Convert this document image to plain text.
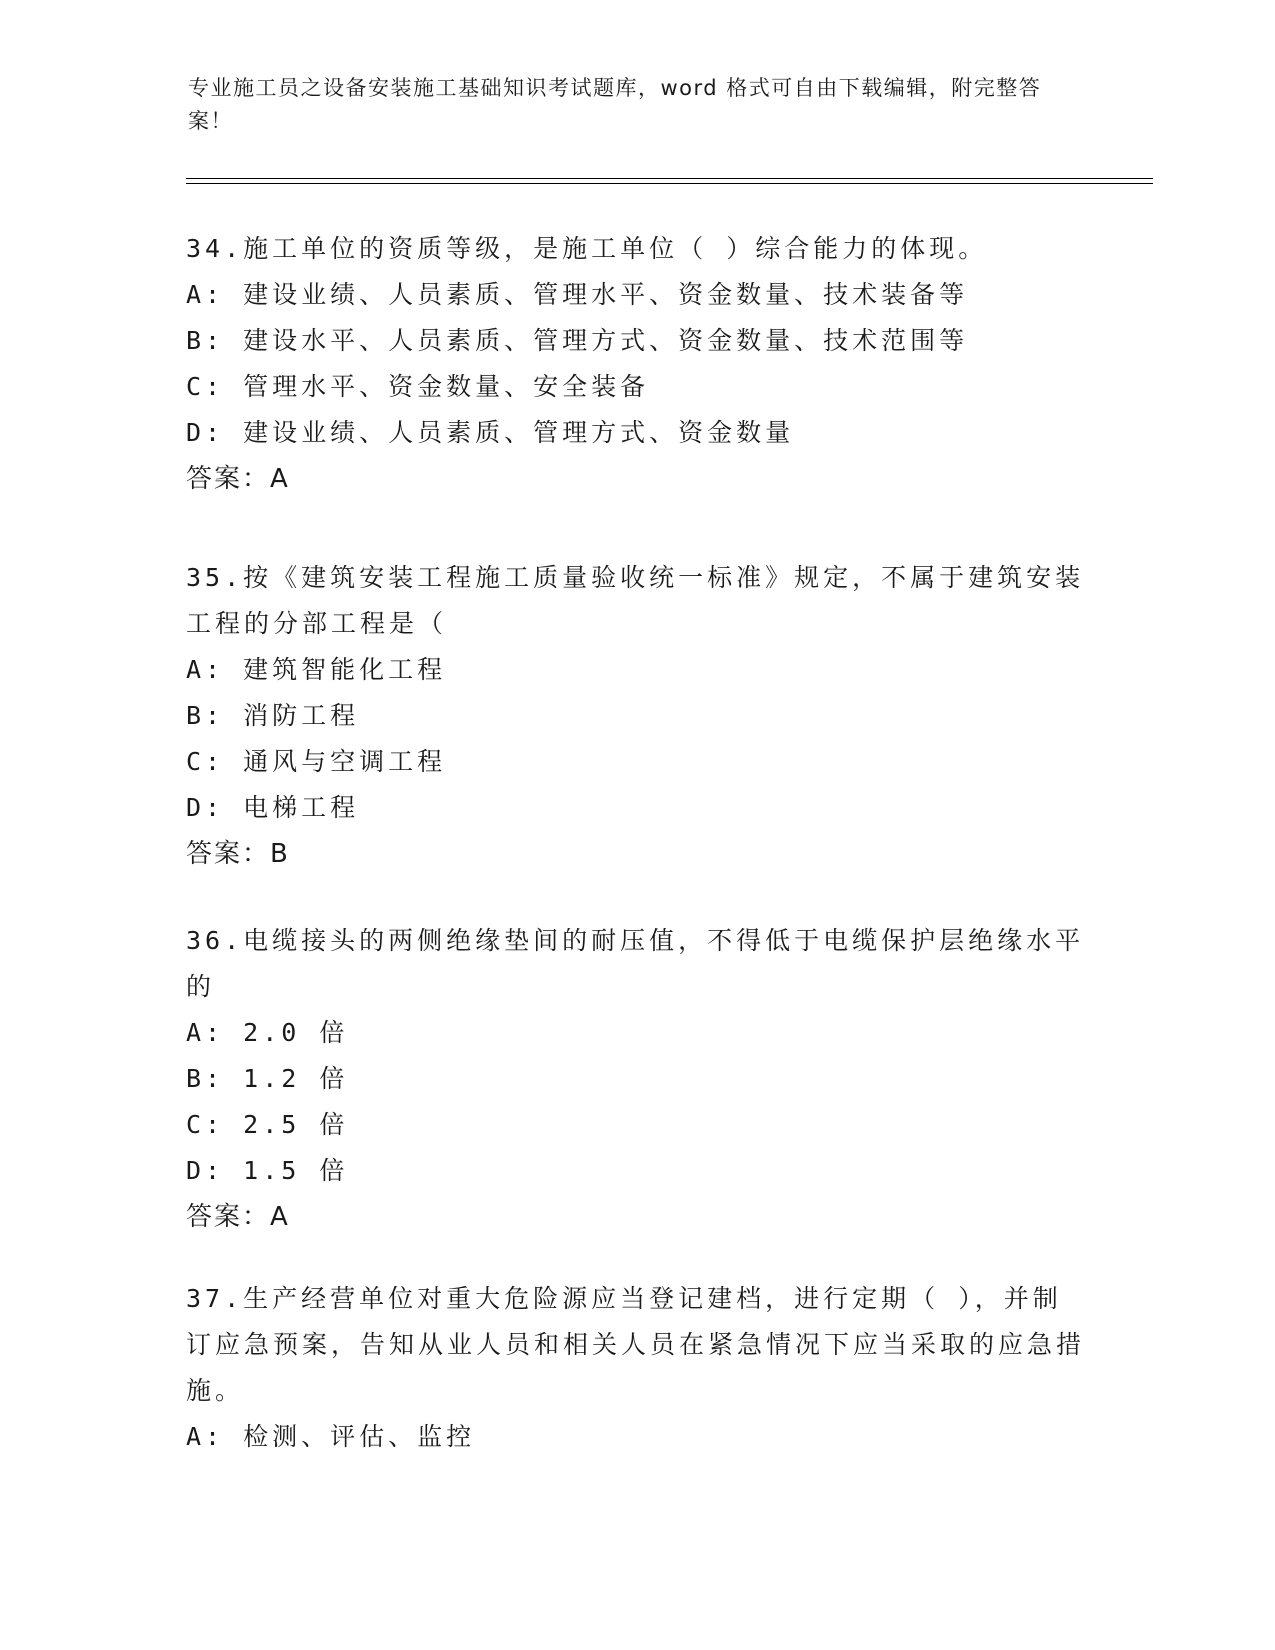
专业施工员之设备安装施工基础知识考试题库，word 格式可自由下载编辑，附完整答案！
34.施工单位的资质等级，是施工单位（ ）综合能力的体现。
A: 建设业绩、人员素质、管理水平、资金数量、技术装备等
B: 建设水平、人员素质、管理方式、资金数量、技术范围等
C: 管理水平、资金数量、安全装备
D: 建设业绩、人员素质、管理方式、资金数量
答案：A
35.按《建筑安装工程施工质量验收统一标准》规定，不属于建筑安装工程的分部工程是（
A: 建筑智能化工程
B: 消防工程
C: 通风与空调工程
D: 电梯工程
答案：B
36.电缆接头的两侧绝缘垫间的耐压值，不得低于电缆保护层绝缘水平的
A: 2.0 倍
B: 1.2 倍
C: 2.5 倍
D: 1.5 倍
答案：A
37.生产经营单位对重大危险源应当登记建档，进行定期（ ），并制订应急预案，告知从业人员和相关人员在紧急情况下应当采取的应急措施。
A: 检测、评估、监控
